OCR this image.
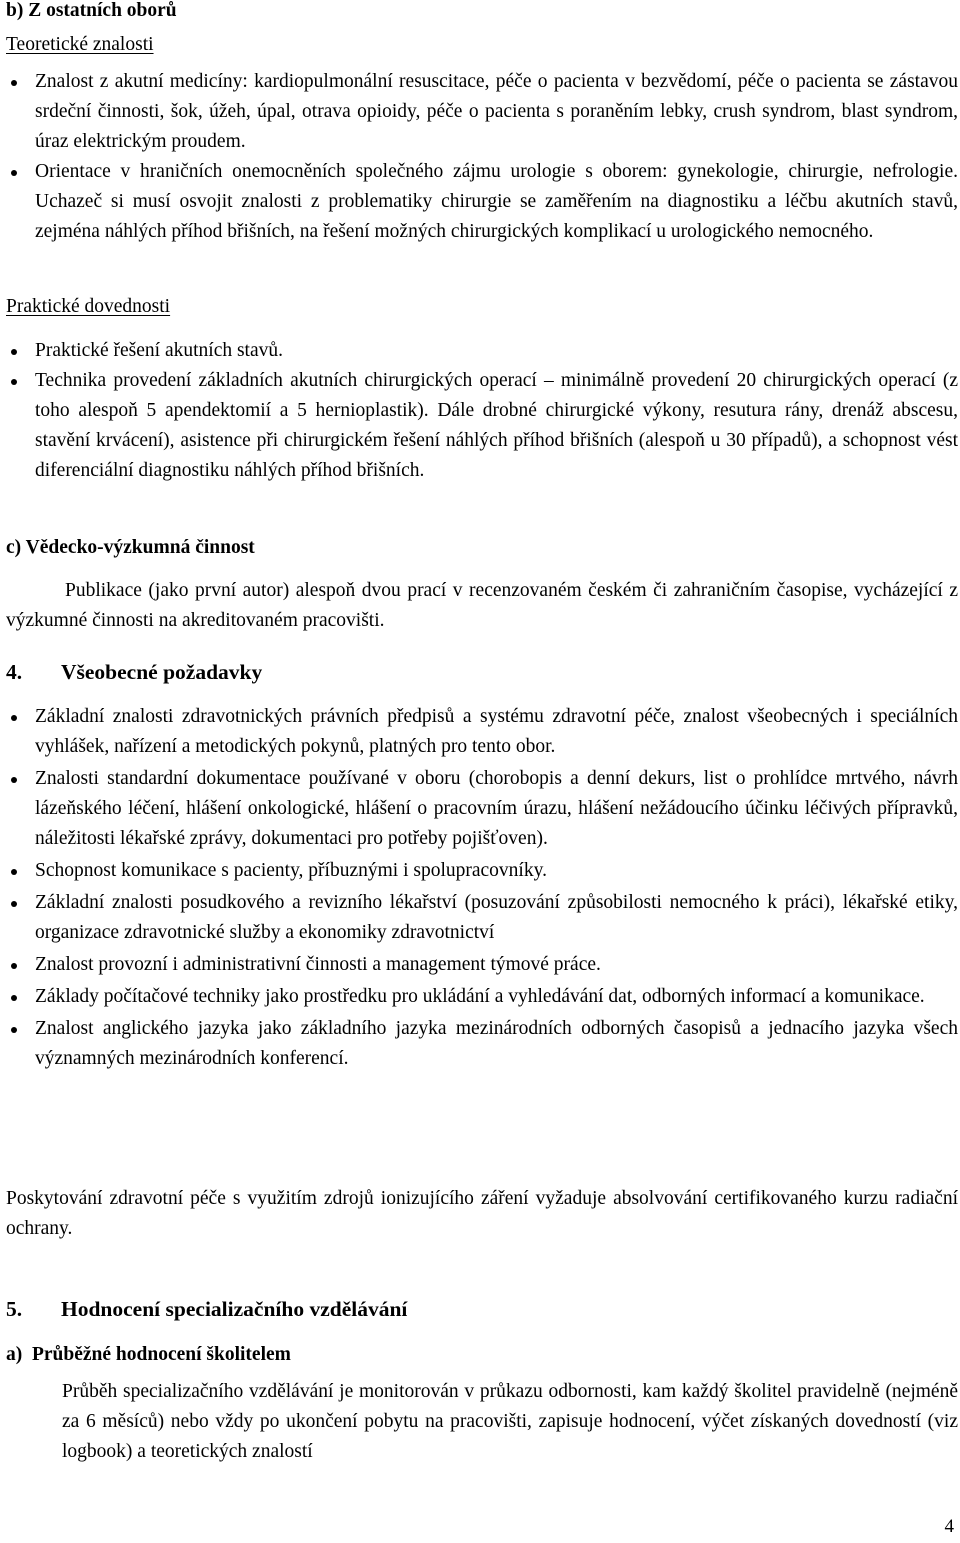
b) Z ostatních oborů
Teoretické znalosti
Znalost z akutní medicíny: kardiopulmonální resuscitace, péče o pacienta v bezvědomí, péče o pacienta se zástavou srdeční činnosti, šok, úžeh, úpal, otrava opioidy, péče o pacienta s poraněním lebky, crush syndrom, blast syndrom, úraz elektrickým proudem.
Orientace v hraničních onemocněních společného zájmu urologie s oborem: gynekologie, chirurgie, nefrologie. Uchazeč si musí osvojit znalosti z problematiky chirurgie se zaměřením na diagnostiku a léčbu akutních stavů, zejména náhlých příhod břišních, na řešení možných chirurgických komplikací u urologického nemocného.
Praktické dovednosti
Praktické řešení akutních stavů.
Technika provedení základních akutních chirurgických operací – minimálně provedení 20 chirurgických operací (z toho alespoň 5 apendektomií a 5 hernioplastik). Dále drobné chirurgické výkony, resutura rány, drenáž abscesu, stavění krvácení), asistence při chirurgickém řešení náhlých příhod břišních (alespoň u 30 případů), a schopnost vést diferenciální diagnostiku náhlých příhod břišních.
c) Vědecko-výzkumná činnost
Publikace (jako první autor) alespoň dvou prací v recenzovaném českém či zahraničním časopise, vycházející z výzkumné činnosti na akreditovaném pracovišti.
4. Všeobecné požadavky
Základní znalosti zdravotnických právních předpisů a systému zdravotní péče, znalost všeobecných i speciálních vyhlášek, nařízení a metodických pokynů, platných pro tento obor.
Znalosti standardní dokumentace používané v oboru (chorobopis a denní dekurs, list o prohlídce mrtvého, návrh lázeňského léčení, hlášení onkologické, hlášení o pracovním úrazu, hlášení nežádoucího účinku léčivých přípravků, náležitosti lékařské zprávy, dokumentaci pro potřeby pojišťoven).
Schopnost komunikace s pacienty, příbuznými i spolupracovníky.
Základní znalosti posudkového a revizního lékařství (posuzování způsobilosti nemocného k práci), lékařské etiky, organizace zdravotnické služby a ekonomiky zdravotnictví
Znalost provozní i administrativní činnosti a management týmové práce.
Základy počítačové techniky jako prostředku pro ukládání a vyhledávání dat, odborných informací a komunikace.
Znalost anglického jazyka jako základního jazyka mezinárodních odborných časopisů a jednacího jazyka všech významných mezinárodních konferencí.
Poskytování zdravotní péče s využitím zdrojů ionizujícího záření vyžaduje absolvování certifikovaného kurzu radiační ochrany.
5. Hodnocení specializačního vzdělávání
a)  Průběžné hodnocení školitelem
Průběh specializačního vzdělávání je monitorován v průkazu odbornosti, kam každý školitel pravidelně (nejméně za 6 měsíců) nebo vždy po ukončení pobytu na pracovišti, zapisuje hodnocení, výčet získaných dovedností (viz logbook) a teoretických znalostí
4
